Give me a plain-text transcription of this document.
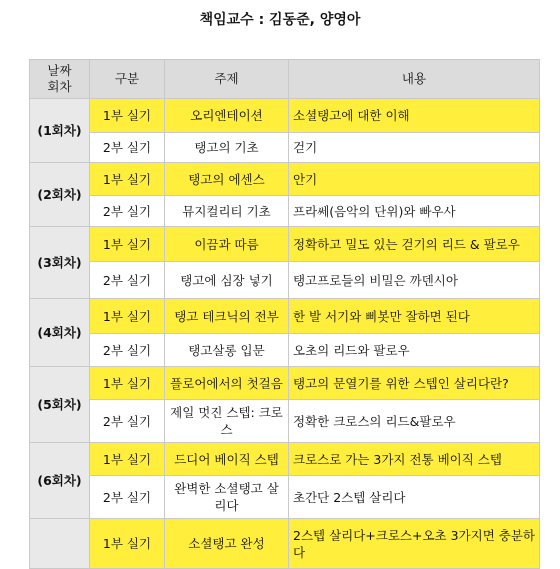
책임교수 : 김동준, 양영아
날짜
회차	구분	주제	내용
(1회차)	1부 실기	오리엔테이션	소셜탱고에 대한 이해
	2부 실기	탱고의 기초	걷기
(2회차)	1부 실기	탱고의 에센스	안기
	2부 실기	뮤지컬리티 기초	프라쎄(음악의 단위)와 빠우사
(3회차)	1부 실기	이끔과 따름	정확하고 밀도 있는 걷기의 리드 & 팔로우
	2부 실기	탱고에 심장 넣기	탱고프로들의 비밀은 까덴시아
(4회차)	1부 실기	탱고 테크닉의 전부	한 발 서기와 삐봇만 잘하면 된다
	2부 실기	탱고살롱 입문	오초의 리드와 팔로우
(5회차)	1부 실기	플로어에서의 첫걸음	탱고의 문열기를 위한 스텝인 살리다란?
	2부 실기	제일 멋진 스텝: 크로스	정확한 크로스의 리드&팔로우
(6회차)	1부 실기	드디어 베이직 스텝	크로스로 가는 3가지 전통 베이직 스텝
	2부 실기	완벽한 소셜탱고 살리다	초간단 2스텝 살리다
	1부 실기	소셜탱고 완성	2스텝 살리다+크로스+오초 3가지면 충분하다
